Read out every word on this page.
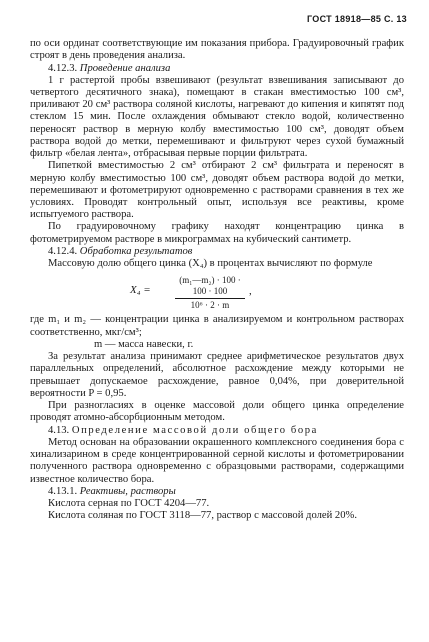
ГОСТ 18918—85 С. 13

по оси ординат соответствующие им показания прибора. Градуировочный график строят в день проведения анализа.

4.12.3. Проведение анализа

1 г растертой пробы взвешивают (результат взвешивания записывают до четвертого десятичного знака), помещают в стакан вместимостью 100 см³, приливают 20 см³ раствора соляной кислоты, нагревают до кипения и кипятят под стеклом 15 мин. После охлаждения обмывают стекло водой, количественно переносят раствор в мерную колбу вместимостью 100 см³, доводят объем раствора водой до метки, перемешивают и фильтруют через сухой бумажный фильтр «белая лента», отбрасывая первые порции фильтрата.

Пипеткой вместимостью 2 см³ отбирают 2 см³ фильтрата и переносят в мерную колбу вместимостью 100 см³, доводят объем раствора водой до метки, перемешивают и фотометрируют одновременно с растворами сравнения в тех же условиях. Проводят контрольный опыт, используя все реактивы, кроме испытуемого раствора.

По градуировочному графику находят концентрацию цинка в фотометрируемом растворе в микрограммах на кубический сантиметр.

4.12.4. Обработка результатов

Массовую долю общего цинка (X₄) в процентах вычисляют по формуле

X₄ =	$\frac{\text{(m₁—m₂) · 100 · 100 · 100}}{\text{10⁶ · 2 · m}}$ ,

где m₁ и m₂ — концентрации цинка в анализируемом и контрольном растворах соответственно, мкг/см³;

m — масса навески, г.

За результат анализа принимают среднее арифметическое результатов двух параллельных определений, абсолютное расхождение между которыми не превышает допускаемое расхождение, равное 0,04%, при доверительной вероятности P = 0,95.

При разногласиях в оценке массовой доли общего цинка определение проводят атомно-абсорбционным методом.

4.13. Определение массовой доли общего бора

Метод основан на образовании окрашенного комплексного соединения бора с хинализарином в среде концентрированной серной кислоты и фотометрировании полученного раствора одновременно с образцовыми растворами, содержащими известное количество бора.

4.13.1. Реактивы, растворы

Кислота серная по ГОСТ 4204—77.

Кислота соляная по ГОСТ 3118—77, раствор с массовой долей 20%.
